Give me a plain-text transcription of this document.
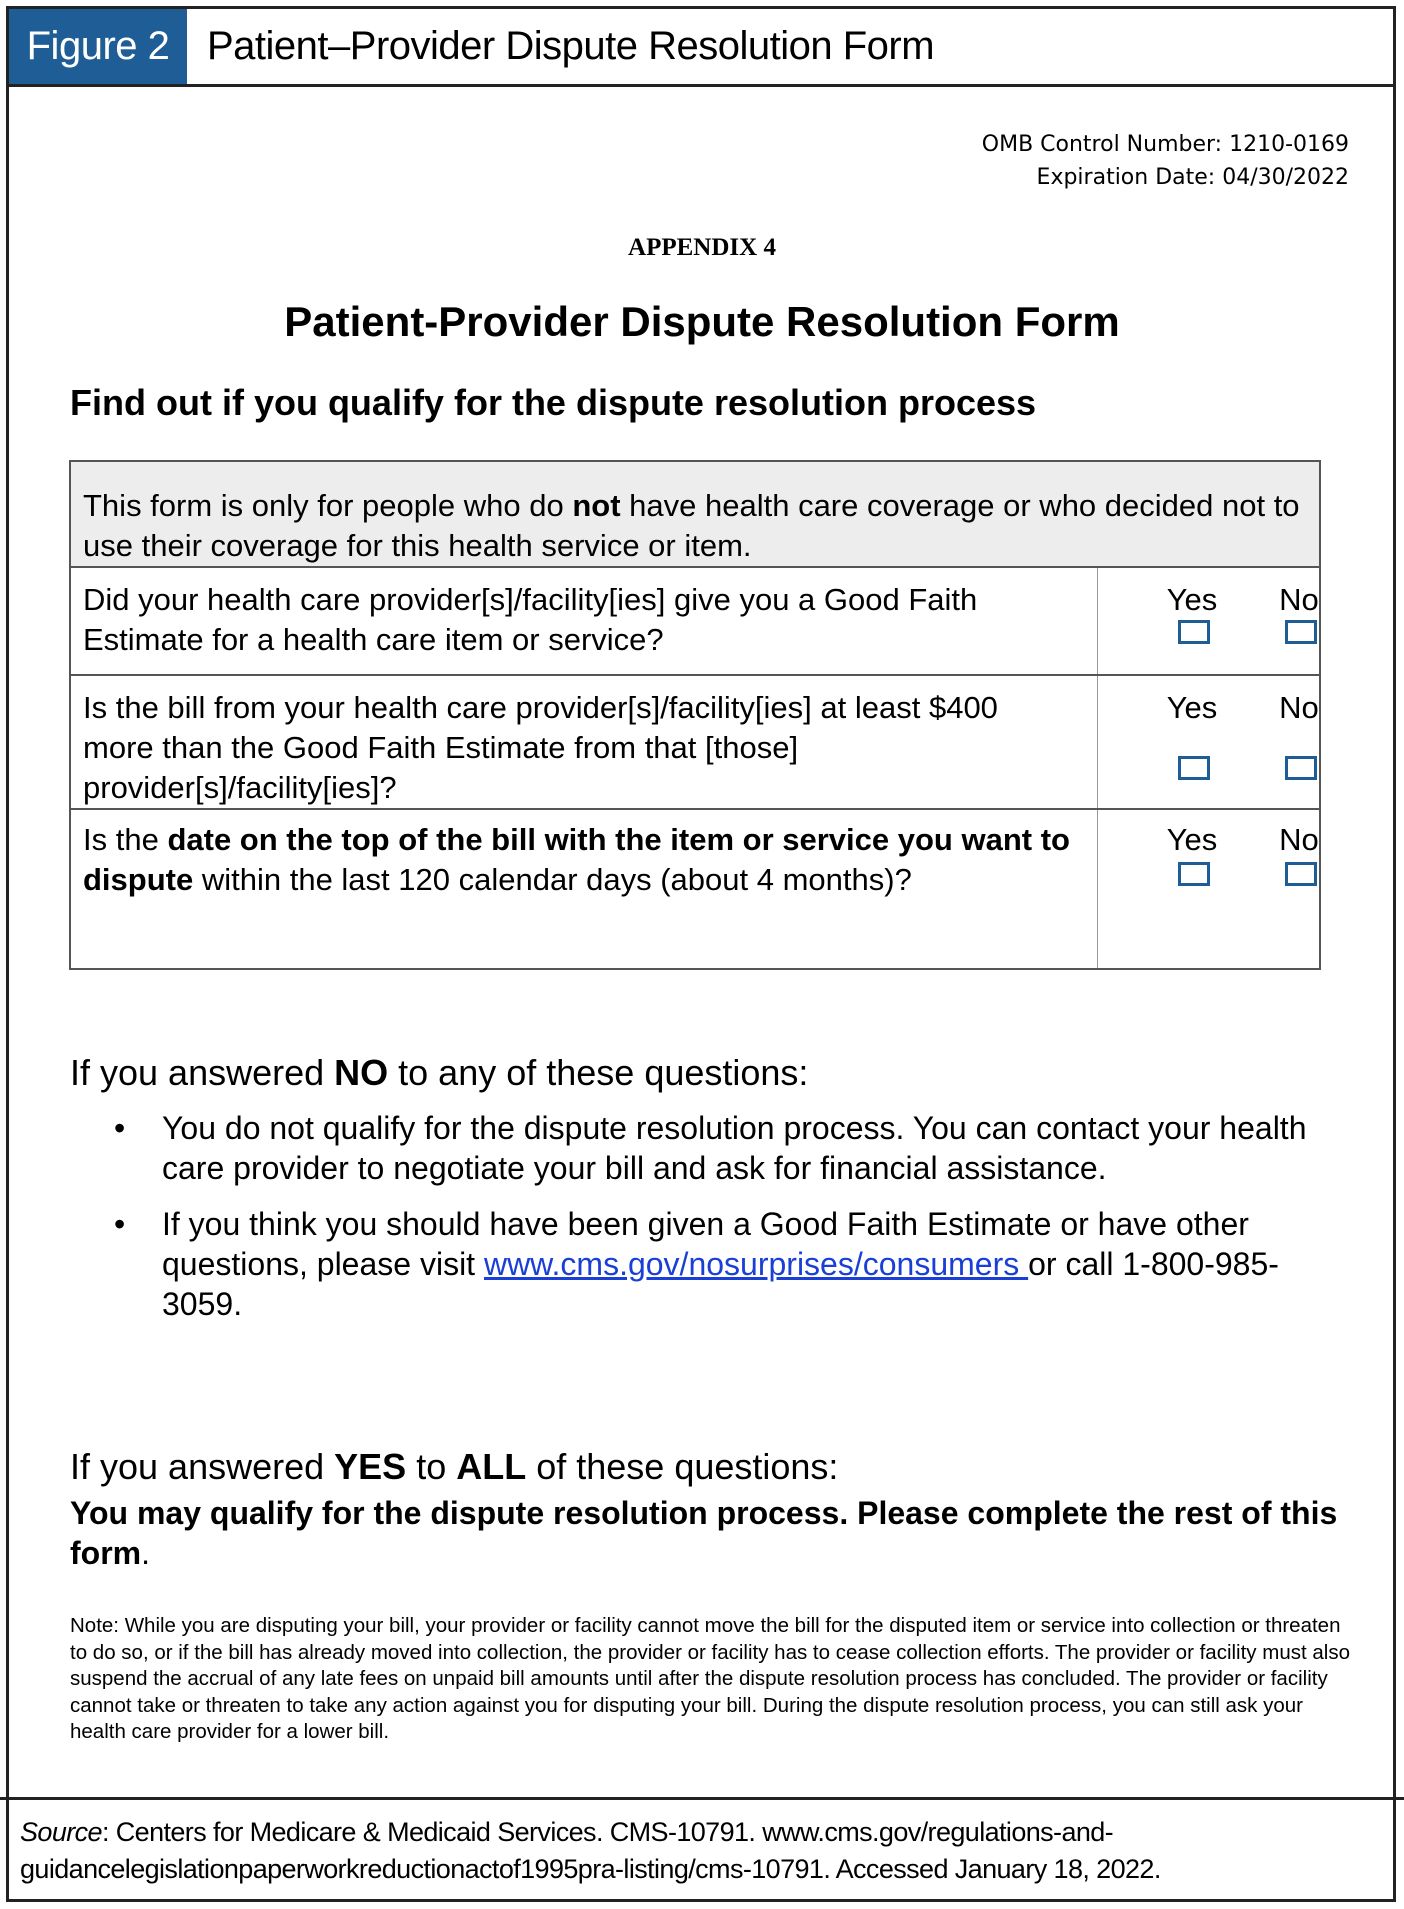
Figure 2 Patient–Provider Dispute Resolution Form
OMB Control Number: 1210-0169
Expiration Date: 04/30/2022
APPENDIX 4
Patient-Provider Dispute Resolution Form
Find out if you qualify for the dispute resolution process
This form is only for people who do not have health care coverage or who decided not to use their coverage for this health service or item.
Did your health care provider[s]/facility[ies] give you a Good Faith Estimate for a health care item or service?
Yes	No
Is the bill from your health care provider[s]/facility[ies] at least $400 more than the Good Faith Estimate from that [those] provider[s]/facility[ies]?
Yes	No
Is the date on the top of the bill with the item or service you want to dispute within the last 120 calendar days (about 4 months)?
Yes	No
If you answered NO to any of these questions:
• You do not qualify for the dispute resolution process. You can contact your health care provider to negotiate your bill and ask for financial assistance.
• If you think you should have been given a Good Faith Estimate or have other questions, please visit www.cms.gov/nosurprises/consumers or call 1-800-985-3059.
If you answered YES to ALL of these questions:
You may qualify for the dispute resolution process. Please complete the rest of this form.
Note: While you are disputing your bill, your provider or facility cannot move the bill for the disputed item or service into collection or threaten to do so, or if the bill has already moved into collection, the provider or facility has to cease collection efforts. The provider or facility must also suspend the accrual of any late fees on unpaid bill amounts until after the dispute resolution process has concluded. The provider or facility cannot take or threaten to take any action against you for disputing your bill. During the dispute resolution process, you can still ask your health care provider for a lower bill.
Source: Centers for Medicare & Medicaid Services. CMS-10791. www.cms.gov/regulations-and-guidancelegislationpaperworkreductionactof1995pra-listing/cms-10791. Accessed January 18, 2022.
